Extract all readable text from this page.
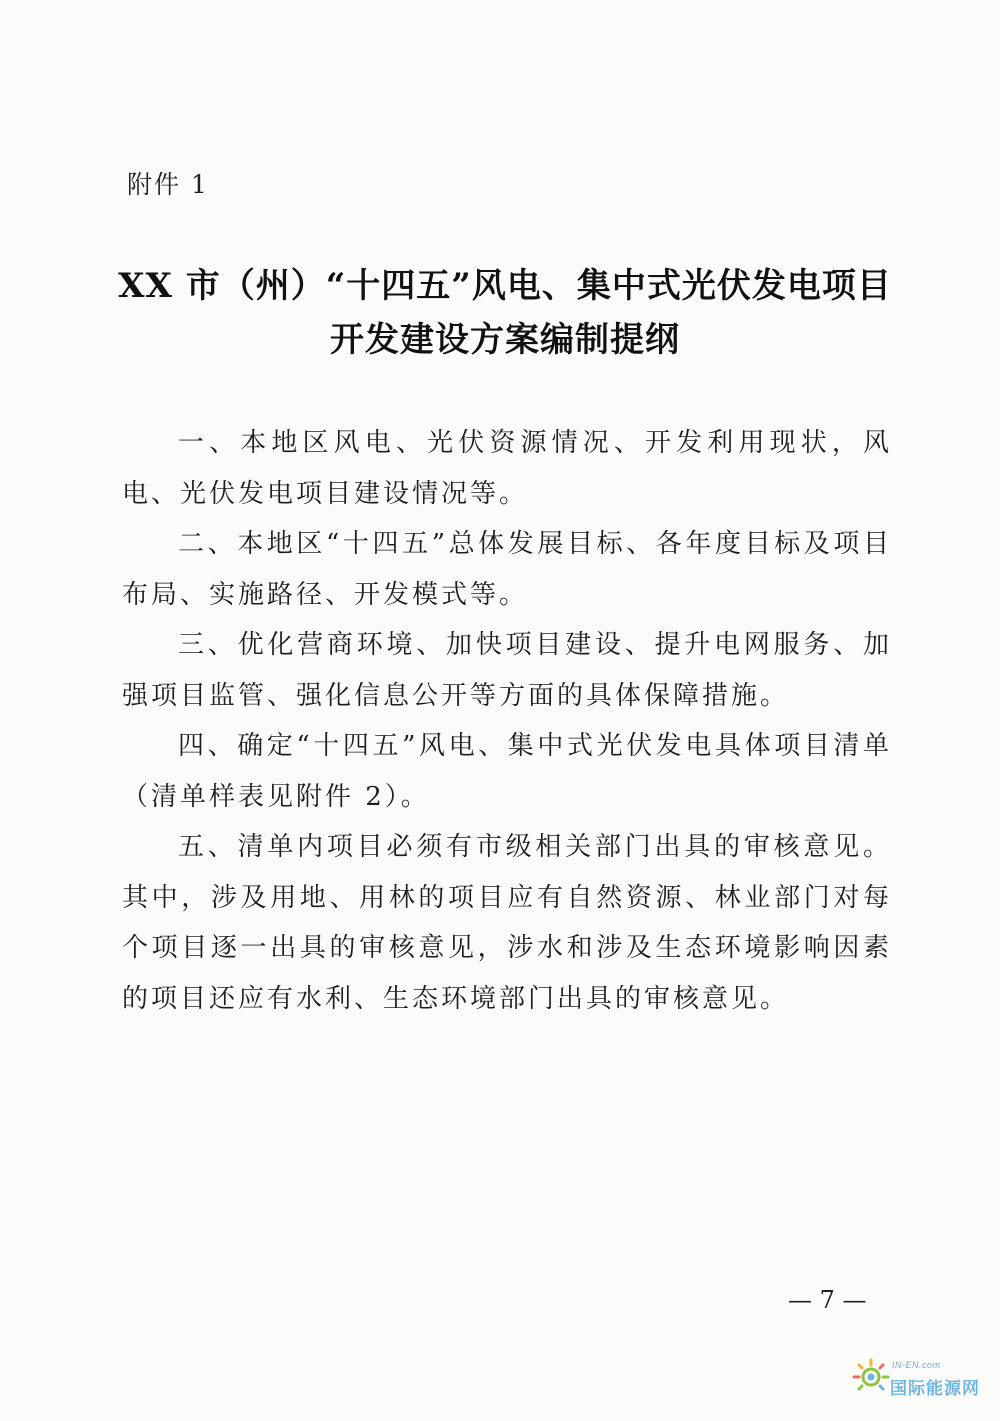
附件 1
XX 市（州）“十四五”风电、集中式光伏发电项目
开发建设方案编制提纲

一、本地区风电、光伏资源情况、开发利用现状，风电、光伏发电项目建设情况等。

二、本地区“十四五”总体发展目标、各年度目标及项目布局、实施路径、开发模式等。

三、优化营商环境、加快项目建设、提升电网服务、加强项目监管、强化信息公开等方面的具体保障措施。

四、确定“十四五”风电、集中式光伏发电具体项目清单（清单样表见附件 2）。

五、清单内项目必须有市级相关部门出具的审核意见。其中，涉及用地、用林的项目应有自然资源、林业部门对每个项目逐一出具的审核意见，涉水和涉及生态环境影响因素的项目还应有水利、生态环境部门出具的审核意见。

— 7 —
IN-EN.com
国际能源网
